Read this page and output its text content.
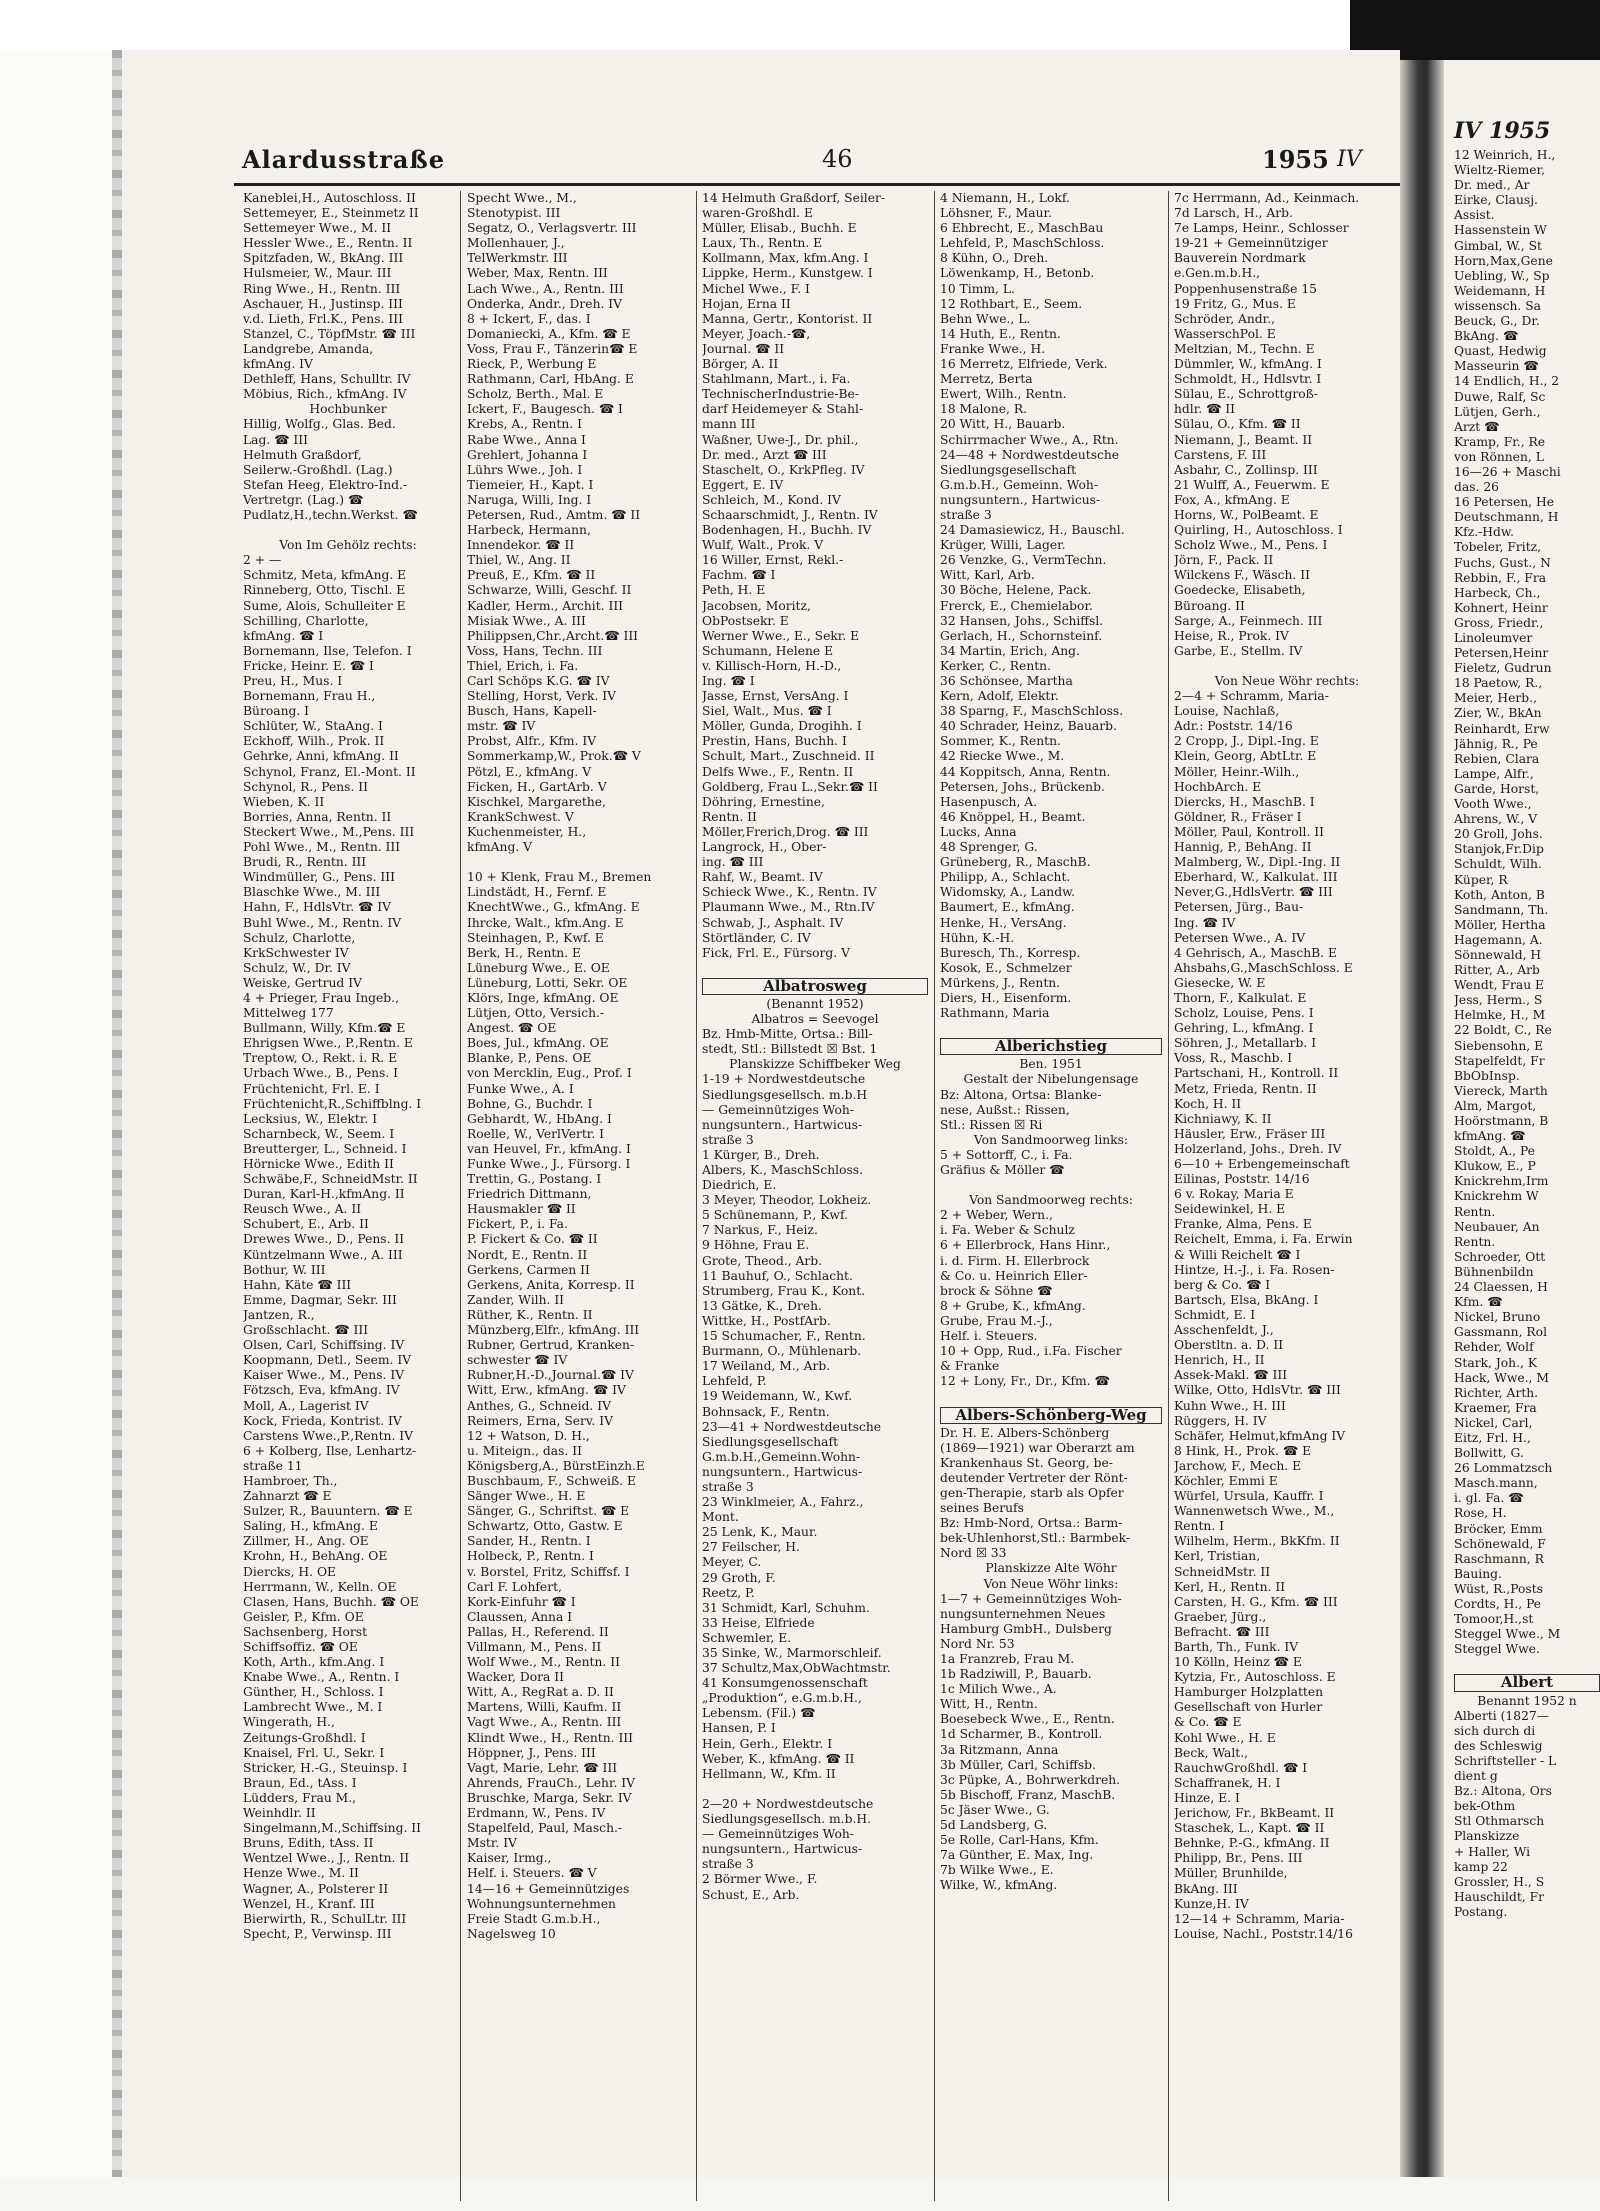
Alardusstraße	46	1955 IV
Kaneblei,H., Autoschloss. II
Settemeyer, E., Steinmetz II
Settemeyer Wwe., M. II
Hessler Wwe., E., Rentn. II
Spitzfaden, W., BkAng. III
Hulsmeier, W., Maur. III
Ring Wwe., H., Rentn. III
Aschauer, H., Justinsp. III
v.d. Lieth, Frl.K., Pens. III
Stanzel, C., TöpfMstr. ☎ III
Landgrebe, Amanda,
kfmAng. IV
Dethleff, Hans, Schulltr. IV
Möbius, Rich., kfmAng. IV
Hochbunker
Hillig, Wolfg., Glas. Bed.
Lag. ☎ III
Helmuth Graßdorf,
Seilerw.-Großhdl. (Lag.)
Stefan Heeg, Elektro-Ind.-
Vertretgr. (Lag.) ☎
Pudlatz,H.,techn.Werkst. ☎

Von Im Gehölz rechts:
2 + —
Schmitz, Meta, kfmAng. E
Rinneberg, Otto, Tischl. E
Sume, Alois, Schulleiter E
Schilling, Charlotte,
kfmAng. ☎ I
Bornemann, Ilse, Telefon. I
Fricke, Heinr. E. ☎ I
Preu, H., Mus. I
Bornemann, Frau H.,
Büroang. I
Schlüter, W., StaAng. I
Eckhoff, Wilh., Prok. II
Gehrke, Anni, kfmAng. II
Schynol, Franz, El.-Mont. II
Schynol, R., Pens. II
Wieben, K. II
Borries, Anna, Rentn. II
Steckert Wwe., M.,Pens. III
Pohl Wwe., M., Rentn. III
Brudi, R., Rentn. III
Windmüller, G., Pens. III
Blaschke Wwe., M. III
Hahn, F., HdlsVtr. ☎ IV
Buhl Wwe., M., Rentn. IV
Schulz, Charlotte,
KrkSchwester IV
Schulz, W., Dr. IV
Weiske, Gertrud IV
4 + Prieger, Frau Ingeb.,
Mittelweg 177
Bullmann, Willy, Kfm.☎ E
Ehrigsen Wwe., P.,Rentn. E
Treptow, O., Rekt. i. R. E
Urbach Wwe., B., Pens. I
Früchtenicht, Frl. E. I
Früchtenicht,R.,Schiffblng. I
Lecksius, W., Elektr. I
Scharnbeck, W., Seem. I
Breutterger, L., Schneid. I
Hörnicke Wwe., Edith II
Schwäbe,F., SchneidMstr. II
Duran, Karl-H.,kfmAng. II
Reusch Wwe., A. II
Schubert, E., Arb. II
Drewes Wwe., D., Pens. II
Küntzelmann Wwe., A. III
Bothur, W. III
Hahn, Käte ☎ III
Emme, Dagmar, Sekr. III
Jantzen, R.,
Großschlacht. ☎ III
Olsen, Carl, Schiffsing. IV
Koopmann, Detl., Seem. IV
Kaiser Wwe., M., Pens. IV
Fötzsch, Eva, kfmAng. IV
Moll, A., Lagerist IV
Kock, Frieda, Kontrist. IV
Carstens Wwe.,P.,Rentn. IV
6 + Kolberg, Ilse, Lenhartz-
straße 11
Hambroer, Th.,
Zahnarzt ☎ E
Sulzer, R., Bauuntern. ☎ E
Saling, H., kfmAng. E
Zillmer, H., Ang. OE
Krohn, H., BehAng. OE
Diercks, H. OE
Herrmann, W., Kelln. OE
Clasen, Hans, Buchh. ☎ OE
Geisler, P., Kfm. OE
Sachsenberg, Horst
Schiffsoffiz. ☎ OE
Koth, Arth., kfm.Ang. I
Knabe Wwe., A., Rentn. I
Günther, H., Schloss. I
Lambrecht Wwe., M. I
Wingerath, H.,
Zeitungs-Großhdl. I
Knaisel, Frl. U., Sekr. I
Stricker, H.-G., Steuinsp. I
Braun, Ed., tAss. I
Lüdders, Frau M.,
Weinhdlr. II
Singelmann,M.,Schiffsing. II
Bruns, Edith, tAss. II
Wentzel Wwe., J., Rentn. II
Henze Wwe., M. II
Wagner, A., Polsterer II
Wenzel, H., Kranf. III
Bierwirth, R., SchulLtr. III
Specht, P., Verwinsp. III
Specht Wwe., M.,
Stenotypist. III
Segatz, O., Verlagsvertr. III
Mollenhauer, J.,
TelWerkmstr. III
Weber, Max, Rentn. III
Lach Wwe., A., Rentn. III
Onderka, Andr., Dreh. IV
8 + Ickert, F., das. I
Domaniecki, A., Kfm. ☎ E
Voss, Frau F., Tänzerin☎ E
Rieck, P., Werbung E
Rathmann, Carl, HbAng. E
Scholz, Berth., Mal. E
Ickert, F., Baugesch. ☎ I
Krebs, A., Rentn. I
Rabe Wwe., Anna I
Grehlert, Johanna I
Lührs Wwe., Joh. I
Tiemeier, H., Kapt. I
Naruga, Willi, Ing. I
Petersen, Rud., Amtm. ☎ II
Harbeck, Hermann,
Innendekor. ☎ II
Thiel, W., Ang. II
Preuß, E., Kfm. ☎ II
Schwarze, Willi, Geschf. II
Kadler, Herm., Archit. III
Misiak Wwe., A. III
Philippsen,Chr.,Archt.☎ III
Voss, Hans, Techn. III
Thiel, Erich, i. Fa.
Carl Schöps K.G. ☎ IV
Stelling, Horst, Verk. IV
Busch, Hans, Kapell-
mstr. ☎ IV
Probst, Alfr., Kfm. IV
Sommerkamp,W., Prok.☎ V
Pötzl, E., kfmAng. V
Ficken, H., GartArb. V
Kischkel, Margarethe,
KrankSchwest. V
Kuchenmeister, H.,
kfmAng. V

10 + Klenk, Frau M., Bremen
Lindstädt, H., Fernf. E
KnechtWwe., G., kfmAng. E
Ihrcke, Walt., kfm.Ang. E
Steinhagen, P., Kwf. E
Berk, H., Rentn. E
Lüneburg Wwe., E. OE
Lüneburg, Lotti, Sekr. OE
Klörs, Inge, kfmAng. OE
Lütjen, Otto, Versich.-
Angest. ☎ OE
Boes, Jul., kfmAng. OE
Blanke, P., Pens. OE
von Mercklin, Eug., Prof. I
Funke Wwe., A. I
Bohne, G., Buchdr. I
Gebhardt, W., HbAng. I
Roelle, W., VerlVertr. I
van Heuvel, Fr., kfmAng. I
Funke Wwe., J., Fürsorg. I
Trettin, G., Postang. I
Friedrich Dittmann,
Hausmakler ☎ II
Fickert, P., i. Fa.
P. Fickert & Co. ☎ II
Nordt, E., Rentn. II
Gerkens, Carmen II
Gerkens, Anita, Korresp. II
Zander, Wilh. II
Rüther, K., Rentn. II
Münzberg,Elfr., kfmAng. III
Rubner, Gertrud, Kranken-
schwester ☎ IV
Rubner,H.-D.,Journal.☎ IV
Witt, Erw., kfmAng. ☎ IV
Anthes, G., Schneid. IV
Reimers, Erna, Serv. IV
12 + Watson, D. H.,
u. Miteign., das. II
Königsberg,A., BürstEinzh.E
Buschbaum, F., Schweiß. E
Sänger Wwe., H. E
Sänger, G., Schriftst. ☎ E
Schwartz, Otto, Gastw. E
Sander, H., Rentn. I
Holbeck, P., Rentn. I
v. Borstel, Fritz, Schiffsf. I
Carl F. Lohfert,
Kork-Einfuhr ☎ I
Claussen, Anna I
Pallas, H., Referend. II
Villmann, M., Pens. II
Wolf Wwe., M., Rentn. II
Wacker, Dora II
Witt, A., RegRat a. D. II
Martens, Willi, Kaufm. II
Vagt Wwe., A., Rentn. III
Klindt Wwe., H., Rentn. III
Höppner, J., Pens. III
Vagt, Marie, Lehr. ☎ III
Ahrends, FrauCh., Lehr. IV
Bruschke, Marga, Sekr. IV
Erdmann, W., Pens. IV
Stapelfeld, Paul, Masch.-
Mstr. IV
Kaiser, Irmg.,
Helf. i. Steuers. ☎ V
14—16 + Gemeinnütziges
Wohnungsunternehmen
Freie Stadt G.m.b.H.,
Nagelsweg 10
14 Helmuth Graßdorf, Seiler-
waren-Großhdl. E
Müller, Elisab., Buchh. E
Laux, Th., Rentn. E
Kollmann, Max, kfm.Ang. I
Lippke, Herm., Kunstgew. I
Michel Wwe., F. I
Hojan, Erna II
Manna, Gertr., Kontorist. II
Meyer, Joach.-☎,
Journal. ☎ II
Börger, A. II
Stahlmann, Mart., i. Fa.
TechnischerIndustrie-Be-
darf Heidemeyer & Stahl-
mann III
Waßner, Uwe-J., Dr. phil.,
Dr. med., Arzt ☎ III
Staschelt, O., KrkPfleg. IV
Eggert, E. IV
Schleich, M., Kond. IV
Schaarschmidt, J., Rentn. IV
Bodenhagen, H., Buchh. IV
Wulf, Walt., Prok. V
16 Willer, Ernst, Rekl.-
Fachm. ☎ I
Peth, H. E
Jacobsen, Moritz,
ObPostsekr. E
Werner Wwe., E., Sekr. E
Schumann, Helene E
v. Killisch-Horn, H.-D.,
Ing. ☎ I
Jasse, Ernst, VersAng. I
Siel, Walt., Mus. ☎ I
Möller, Gunda, Drogihh. I
Prestin, Hans, Buchh. I
Schult, Mart., Zuschneid. II
Delfs Wwe., F., Rentn. II
Goldberg, Frau L.,Sekr.☎ II
Döhring, Ernestine,
Rentn. II
Möller,Frerich,Drog. ☎ III
Langrock, H., Ober-
ing. ☎ III
Rahf, W., Beamt. IV
Schieck Wwe., K., Rentn. IV
Plaumann Wwe., M., Rtn.IV
Schwab, J., Asphalt. IV
Störtländer, C. IV
Fick, Frl. E., Fürsorg. V

Albatrosweg
(Benannt 1952)
Albatros = Seevogel
Bz. Hmb-Mitte, Ortsa.: Bill-
stedt, Stl.: Billstedt ☒ Bst. 1
Planskizze Schiffbeker Weg
1-19 + Nordwestdeutsche
Siedlungsgesellsch. m.b.H
— Gemeinnütziges Woh-
nungsuntern., Hartwicus-
straße 3
1 Kürger, B., Dreh.
Albers, K., MaschSchloss.
Diedrich, E.
3 Meyer, Theodor, Lokheiz.
5 Schünemann, P., Kwf.
7 Narkus, F., Heiz.
9 Höhne, Frau E.
Grote, Theod., Arb.
11 Bauhuf, O., Schlacht.
Strumberg, Frau K., Kont.
13 Gätke, K., Dreh.
Wittke, H., PostfArb.
15 Schumacher, F., Rentn.
Burmann, O., Mühlenarb.
17 Weiland, M., Arb.
Lehfeld, P.
19 Weidemann, W., Kwf.
Bohnsack, F., Rentn.
23—41 + Nordwestdeutsche
Siedlungsgesellschaft
G.m.b.H.,Gemeinn.Wohn-
nungsuntern., Hartwicus-
straße 3
23 Winklmeier, A., Fahrz.,
Mont.
25 Lenk, K., Maur.
27 Feilscher, H.
Meyer, C.
29 Groth, F.
Reetz, P.
31 Schmidt, Karl, Schuhm.
33 Heise, Elfriede
Schwemler, E.
35 Sinke, W., Marmorschleif.
37 Schultz,Max,ObWachtmstr.
41 Konsumgenossenschaft
„Produktion“, e.G.m.b.H.,
Lebensm. (Fil.) ☎
Hansen, P. I
Hein, Gerh., Elektr. I
Weber, K., kfmAng. ☎ II
Hellmann, W., Kfm. II

2—20 + Nordwestdeutsche
Siedlungsgesellsch. m.b.H.
— Gemeinnütziges Woh-
nungsuntern., Hartwicus-
straße 3
2 Börmer Wwe., F.
Schust, E., Arb.
4 Niemann, H., Lokf.
Löhsner, F., Maur.
6 Ehbrecht, E., MaschBau
Lehfeld, P., MaschSchloss.
8 Kühn, O., Dreh.
Löwenkamp, H., Betonb.
10 Timm, L.
12 Rothbart, E., Seem.
Behn Wwe., L.
14 Huth, E., Rentn.
Franke Wwe., H.
16 Merretz, Elfriede, Verk.
Merretz, Berta
Ewert, Wilh., Rentn.
18 Malone, R.
20 Witt, H., Bauarb.
Schirrmacher Wwe., A., Rtn.
24—48 + Nordwestdeutsche
Siedlungsgesellschaft
G.m.b.H., Gemeinn. Woh-
nungsuntern., Hartwicus-
straße 3
24 Damasiewicz, H., Bauschl.
Krüger, Willi, Lager.
26 Venzke, G., VermTechn.
Witt, Karl, Arb.
30 Böche, Helene, Pack.
Frerck, E., Chemielabor.
32 Hansen, Johs., Schiffsl.
Gerlach, H., Schornsteinf.
34 Martin, Erich, Ang.
Kerker, C., Rentn.
36 Schönsee, Martha
Kern, Adolf, Elektr.
38 Sparng, F., MaschSchloss.
40 Schrader, Heinz, Bauarb.
Sommer, K., Rentn.
42 Riecke Wwe., M.
44 Koppitsch, Anna, Rentn.
Petersen, Johs., Brückenb.
Hasenpusch, A.
46 Knöppel, H., Beamt.
Lucks, Anna
48 Sprenger, G.
Grüneberg, R., MaschB.
Philipp, A., Schlacht.
Widomsky, A., Landw.
Baumert, E., kfmAng.
Henke, H., VersAng.
Hühn, K.-H.
Buresch, Th., Korresp.
Kosok, E., Schmelzer
Mürkens, J., Rentn.
Diers, H., Eisenform.
Rathmann, Maria

Alberichstieg
Ben. 1951
Gestalt der Nibelungensage
Bz: Altona, Ortsa: Blanke-
nese, Außst.: Rissen,
Stl.: Rissen ☒ Ri
Von Sandmoorweg links:
5 + Sottorff, C., i. Fa.
Gräfius & Möller ☎

Von Sandmoorweg rechts:
2 + Weber, Wern.,
i. Fa. Weber & Schulz
6 + Ellerbrock, Hans Hinr.,
i. d. Firm. H. Ellerbrock
& Co. u. Heinrich Eller-
brock & Söhne ☎
8 + Grube, K., kfmAng.
Grube, Frau M.-J.,
Helf. i. Steuers.
10 + Opp, Rud., i.Fa. Fischer
& Franke
12 + Lony, Fr., Dr., Kfm. ☎

Albers-Schönberg-Weg
Dr. H. E. Albers-Schönberg
(1869—1921) war Oberarzt am
Krankenhaus St. Georg, be-
deutender Vertreter der Rönt-
gen-Therapie, starb als Opfer
seines Berufs
Bz: Hmb-Nord, Ortsa.: Barm-
bek-Uhlenhorst,Stl.: Barmbek-
Nord ☒ 33
Planskizze Alte Wöhr
Von Neue Wöhr links:
1—7 + Gemeinnütziges Woh-
nungsunternehmen Neues
Hamburg GmbH., Dulsberg
Nord Nr. 53
1a Franzreb, Frau M.
1b Radziwill, P., Bauarb.
1c Milich Wwe., A.
Witt, H., Rentn.
Boesebeck Wwe., E., Rentn.
1d Scharmer, B., Kontroll.
3a Ritzmann, Anna
3b Müller, Carl, Schiffsb.
3c Püpke, A., Bohrwerkdreh.
5b Bischoff, Franz, MaschB.
5c Jäser Wwe., G.
5d Landsberg, G.
5e Rolle, Carl-Hans, Kfm.
7a Günther, E. Max, Ing.
7b Wilke Wwe., E.
Wilke, W., kfmAng.
7c Herrmann, Ad., Keinmach.
7d Larsch, H., Arb.
7e Lamps, Heinr., Schlosser
19-21 + Gemeinnütziger
Bauverein Nordmark
e.Gen.m.b.H.,
Poppenhusenstraße 15
19 Fritz, G., Mus. E
Schröder, Andr.,
WasserschPol. E
Meltzian, M., Techn. E
Dümmler, W., kfmAng. I
Schmoldt, H., Hdlsvtr. I
Sülau, E., Schrottgroß-
hdlr. ☎ II
Sülau, O., Kfm. ☎ II
Niemann, J., Beamt. II
Carstens, F. III
Asbahr, C., Zollinsp. III
21 Wulff, A., Feuerwm. E
Fox, A., kfmAng. E
Horns, W., PolBeamt. E
Quirling, H., Autoschloss. I
Scholz Wwe., M., Pens. I
Jörn, F., Pack. II
Wilckens F., Wäsch. II
Goedecke, Elisabeth,
Büroang. II
Sarge, A., Feinmech. III
Heise, R., Prok. IV
Garbe, E., Stellm. IV

Von Neue Wöhr rechts:
2—4 + Schramm, Maria-
Louise, Nachlaß,
Adr.: Poststr. 14/16
2 Cropp, J., Dipl.-Ing. E
Klein, Georg, AbtLtr. E
Möller, Heinr.-Wilh.,
HochbArch. E
Diercks, H., MaschB. I
Göldner, R., Fräser I
Möller, Paul, Kontroll. II
Hannig, P., BehAng. II
Malmberg, W., Dipl.-Ing. II
Eberhard, W., Kalkulat. III
Never,G.,HdlsVertr. ☎ III
Petersen, Jürg., Bau-
Ing. ☎ IV
Petersen Wwe., A. IV
4 Gehrisch, A., MaschB. E
Ahsbahs,G.,MaschSchloss. E
Giesecke, W. E
Thorn, F., Kalkulat. E
Scholz, Louise, Pens. I
Gehring, L., kfmAng. I
Söhren, J., Metallarb. I
Voss, R., Maschb. I
Partschani, H., Kontroll. II
Metz, Frieda, Rentn. II
Koch, H. II
Kichniawy, K. II
Häusler, Erw., Fräser III
Holzerland, Johs., Dreh. IV
6—10 + Erbengemeinschaft
Eilinas, Poststr. 14/16
6 v. Rokay, Maria E
Seidewinkel, H. E
Franke, Alma, Pens. E
Reichelt, Emma, i. Fa. Erwin
& Willi Reichelt ☎ I
Hintze, H.-J., i. Fa. Rosen-
berg & Co. ☎ I
Bartsch, Elsa, BkAng. I
Schmidt, E. I
Asschenfeldt, J.,
Oberstltn. a. D. II
Henrich, H., II
Assek-Makl. ☎ III
Wilke, Otto, HdlsVtr. ☎ III
Kuhn Wwe., H. III
Rüggers, H. IV
Schäfer, Helmut,kfmAng IV
8 Hink, H., Prok. ☎ E
Jarchow, F., Mech. E
Köchler, Emmi E
Würfel, Ursula, Kauffr. I
Wannenwetsch Wwe., M.,
Rentn. I
Wilhelm, Herm., BkKfm. II
Kerl, Tristian,
SchneidMstr. II
Kerl, H., Rentn. II
Carsten, H. G., Kfm. ☎ III
Graeber, Jürg.,
Befracht. ☎ III
Barth, Th., Funk. IV
10 Kölln, Heinz ☎ E
Kytzia, Fr., Autoschloss. E
Hamburger Holzplatten
Gesellschaft von Hurler
& Co. ☎ E
Kohl Wwe., H. E
Beck, Walt.,
RauchwGroßhdl. ☎ I
Schaffranek, H. I
Hinze, E. I
Jerichow, Fr., BkBeamt. II
Staschek, L., Kapt. ☎ II
Behnke, P.-G., kfmAng. II
Philipp, Br., Pens. III
Müller, Brunhilde,
BkAng. III
Kunze,H. IV
12—14 + Schramm, Maria-
Louise, Nachl., Poststr.14/16
IV 1955
12 Weinrich, H.,
Wieltz-Riemer,
Dr. med., Ar
Eirke, Clausj.
Assist.
Hassenstein W
Gimbal, W., St
Horn,Max,Gene
Uebling, W., Sp
Weidemann, H
wissensch. Sa
Beuck, G., Dr.
BkAng. ☎
Quast, Hedwig
Masseurin ☎
14 Endlich, H., 2
Duwe, Ralf, Sc
Lütjen, Gerh.,
Arzt ☎
Kramp, Fr., Re
von Rönnen, L
16—26 + Maschi
das. 26
16 Petersen, He
Deutschmann, H
Kfz.-Hdw.
Tobeler, Fritz,
Fuchs, Gust., N
Rebbin, F., Fra
Harbeck, Ch.,
Kohnert, Heinr
Gross, Friedr.,
Linoleumver
Petersen,Heinr
Fieletz, Gudrun
18 Paetow, R.,
Meier, Herb.,
Zier, W., BkAn
Reinhardt, Erw
Jähnig, R., Pe
Rebien, Clara
Lampe, Alfr.,
Garde, Horst,
Vooth Wwe.,
Ahrens, W., V
20 Groll, Johs.
Stanjok,Fr.Dip
Schuldt, Wilh.
Küper, R
Koth, Anton, B
Sandmann, Th.
Möller, Hertha
Hagemann, A.
Sönnewald, H
Ritter, A., Arb
Wendt, Frau E
Jess, Herm., S
Helmke, H., M
22 Boldt, C., Re
Siebensohn, E
Stapelfeldt, Fr
BbObInsp.
Viereck, Marth
Alm, Margot,
Hoörstmann, B
kfmAng. ☎
Stoldt, A., Pe
Klukow, E., P
Knickrehm,Irm
Knickrehm W
Rentn.
Neubauer, An
Rentn.
Schroeder, Ott
Bühnenbildn
24 Claessen, H
Kfm. ☎
Nickel, Bruno
Gassmann, Rol
Rehder, Wolf
Stark, Joh., K
Hack, Wwe., M
Richter, Arth.
Kraemer, Fra
Nickel, Carl,
Eitz, Frl. H.,
Bollwitt, G.
26 Lommatzsch
Masch.mann,
i. gl. Fa. ☎
Rose, H.
Bröcker, Emm
Schönewald, F
Raschmann, R
Bauing.
Wüst, R.,Posts
Cordts, H., Pe
Tomoor,H.,st
Steggel Wwe., M
Steggel Wwe.

Albert
Benannt 1952 n
Alberti (1827—
sich durch di
des Schleswig
Schriftsteller - L
dient g
Bz.: Altona, Ors
bek-Othm
Stl Othmarsch
Planskizze
+ Haller, Wi
kamp 22
Grossler, H., S
Hauschildt, Fr
Postang.
